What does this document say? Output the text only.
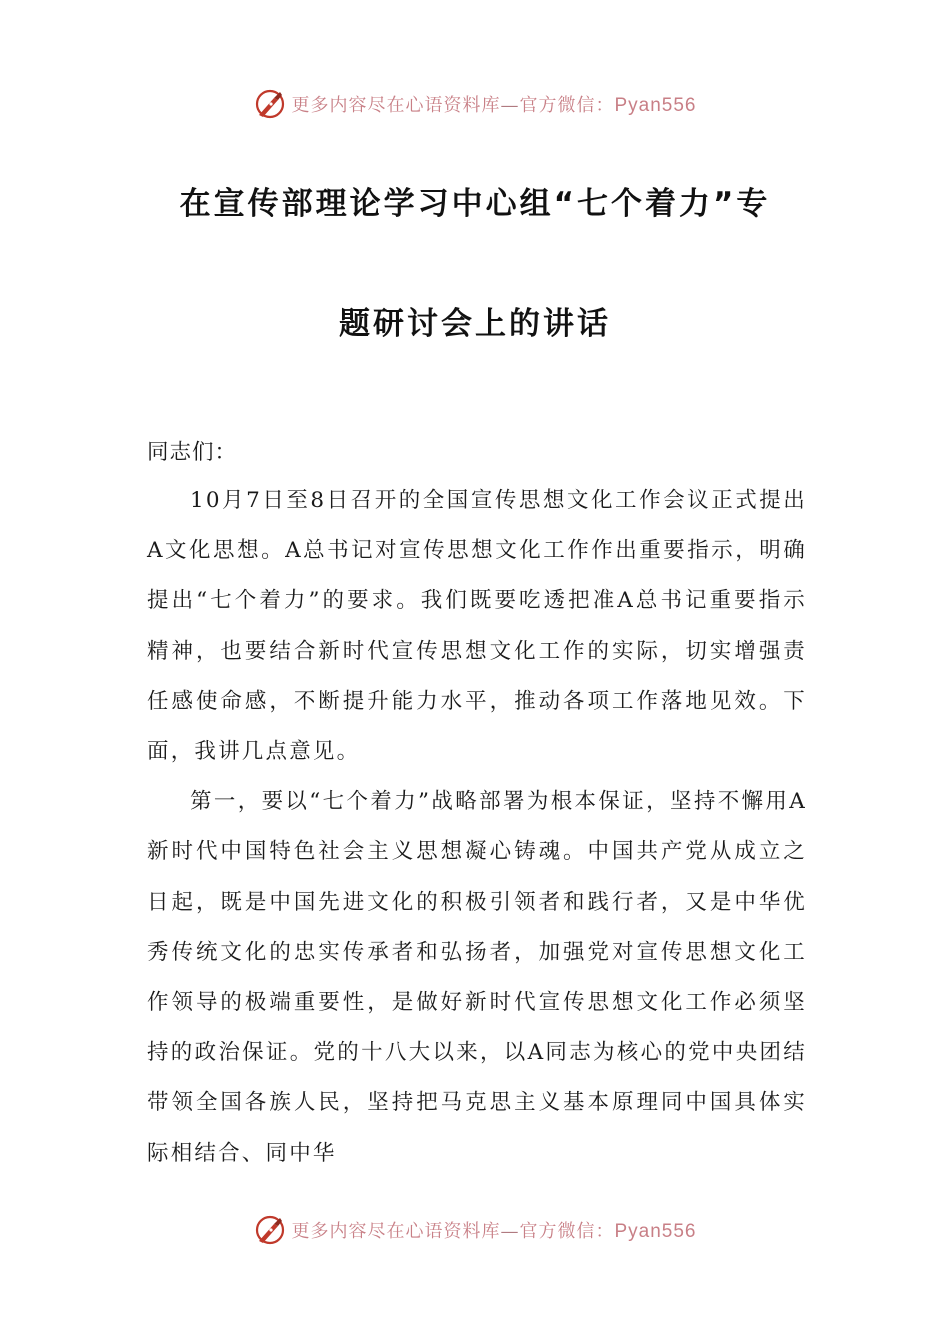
更多内容尽在心语资料库—官方微信：Pyan556
在宣传部理论学习中心组“七个着力”专
题研讨会上的讲话
同志们：

10月7日至8日召开的全国宣传思想文化工作会议正式提出A文化思想。A总书记对宣传思想文化工作作出重要指示，明确提出“七个着力”的要求。我们既要吃透把准A总书记重要指示精神，也要结合新时代宣传思想文化工作的实际，切实增强责任感使命感，不断提升能力水平，推动各项工作落地见效。下面，我讲几点意见。

第一，要以“七个着力”战略部署为根本保证，坚持不懈用A新时代中国特色社会主义思想凝心铸魂。中国共产党从成立之日起，既是中国先进文化的积极引领者和践行者，又是中华优秀传统文化的忠实传承者和弘扬者，加强党对宣传思想文化工作领导的极端重要性，是做好新时代宣传思想文化工作必须坚持的政治保证。党的十八大以来，以A同志为核心的党中央团结带领全国各族人民，坚持把马克思主义基本原理同中国具体实际相结合、同中华

更多内容尽在心语资料库—官方微信：Pyan556
